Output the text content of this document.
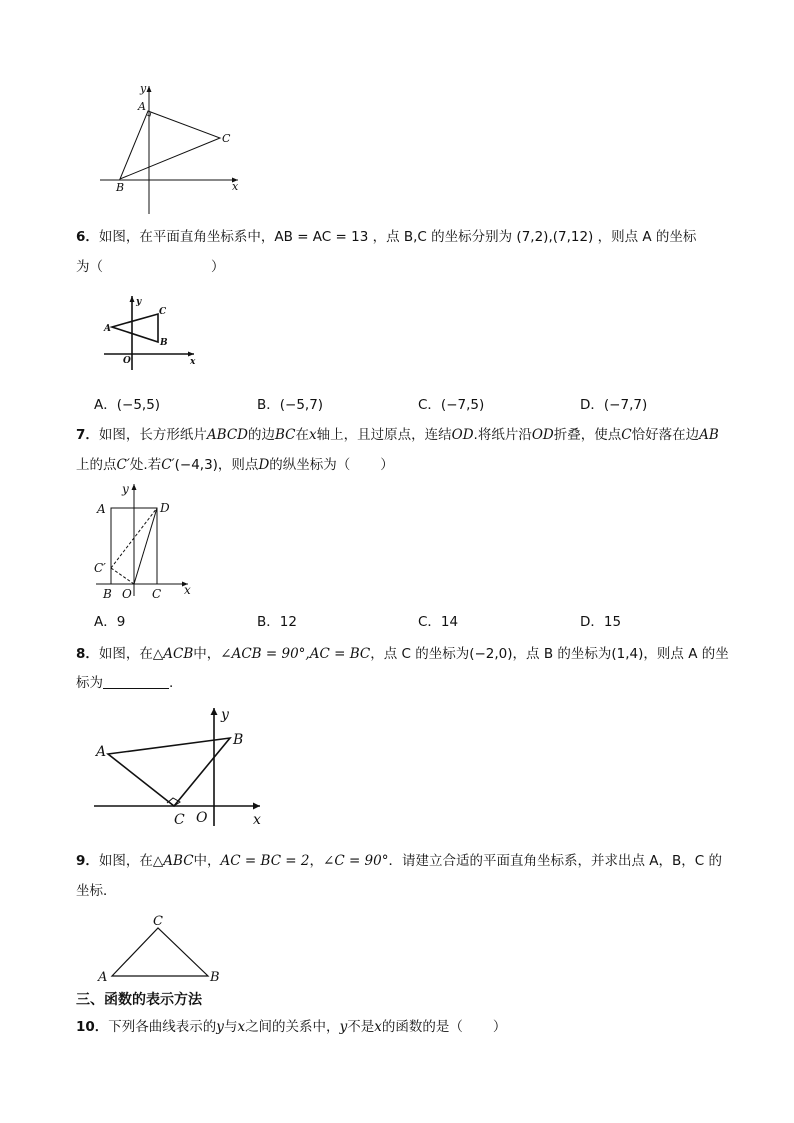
y
A
C
B	x
6．如图，在平面直角坐标系中，AB = AC = 13 ，点 B,C 的坐标分别为 (7,2),(7,12) ，则点 A 的坐标
为（	）
y
C
A
B
O	x
A．(−5,5)	B．(−5,7)	C．(−7,5)	D．(−7,7)
7．如图，长方形纸片ABCD的边BC在x轴上，且过原点，连结OD.将纸片沿OD折叠，使点C恰好落在边AB
上的点C′处.若C′(−4,3)，则点D的纵坐标为（ ）
y
A	D
C′
B O C x
A．9	B．12	C．14	D．15
8．如图，在△ACB中，∠ACB = 90°,AC = BC，点 C 的坐标为(−2,0)，点 B 的坐标为(1,4)，则点 A 的坐
标为	.
y
A
B
C O	x
9．如图，在△ABC中，AC = BC = 2，∠C = 90°．请建立合适的平面直角坐标系，并求出点 A，B，C 的
坐标．
C
A	B
三、函数的表示方法
10．下列各曲线表示的y与x之间的关系中，y不是x的函数的是（ ）
